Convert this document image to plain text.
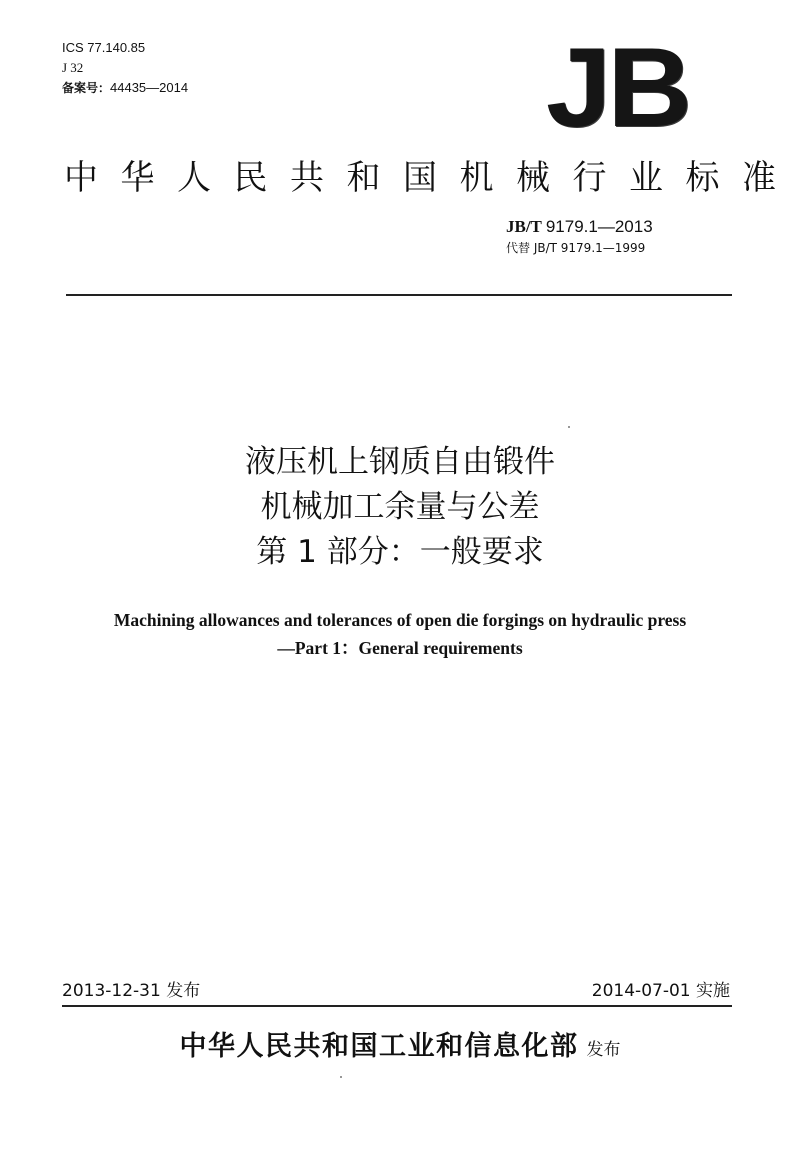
ICS 77.140.85
J 32
备案号：44435—2014	JB
中华人民共和国机械行业标准
JB/T 9179.1—2013
代替 JB/T 9179.1—1999
液压机上钢质自由锻件
机械加工余量与公差
第 1 部分：一般要求
Machining allowances and tolerances of open die forgings on hydraulic press
—Part 1：General requirements
2013-12-31 发布	2014-07-01 实施
中华人民共和国工业和信息化部 发布
